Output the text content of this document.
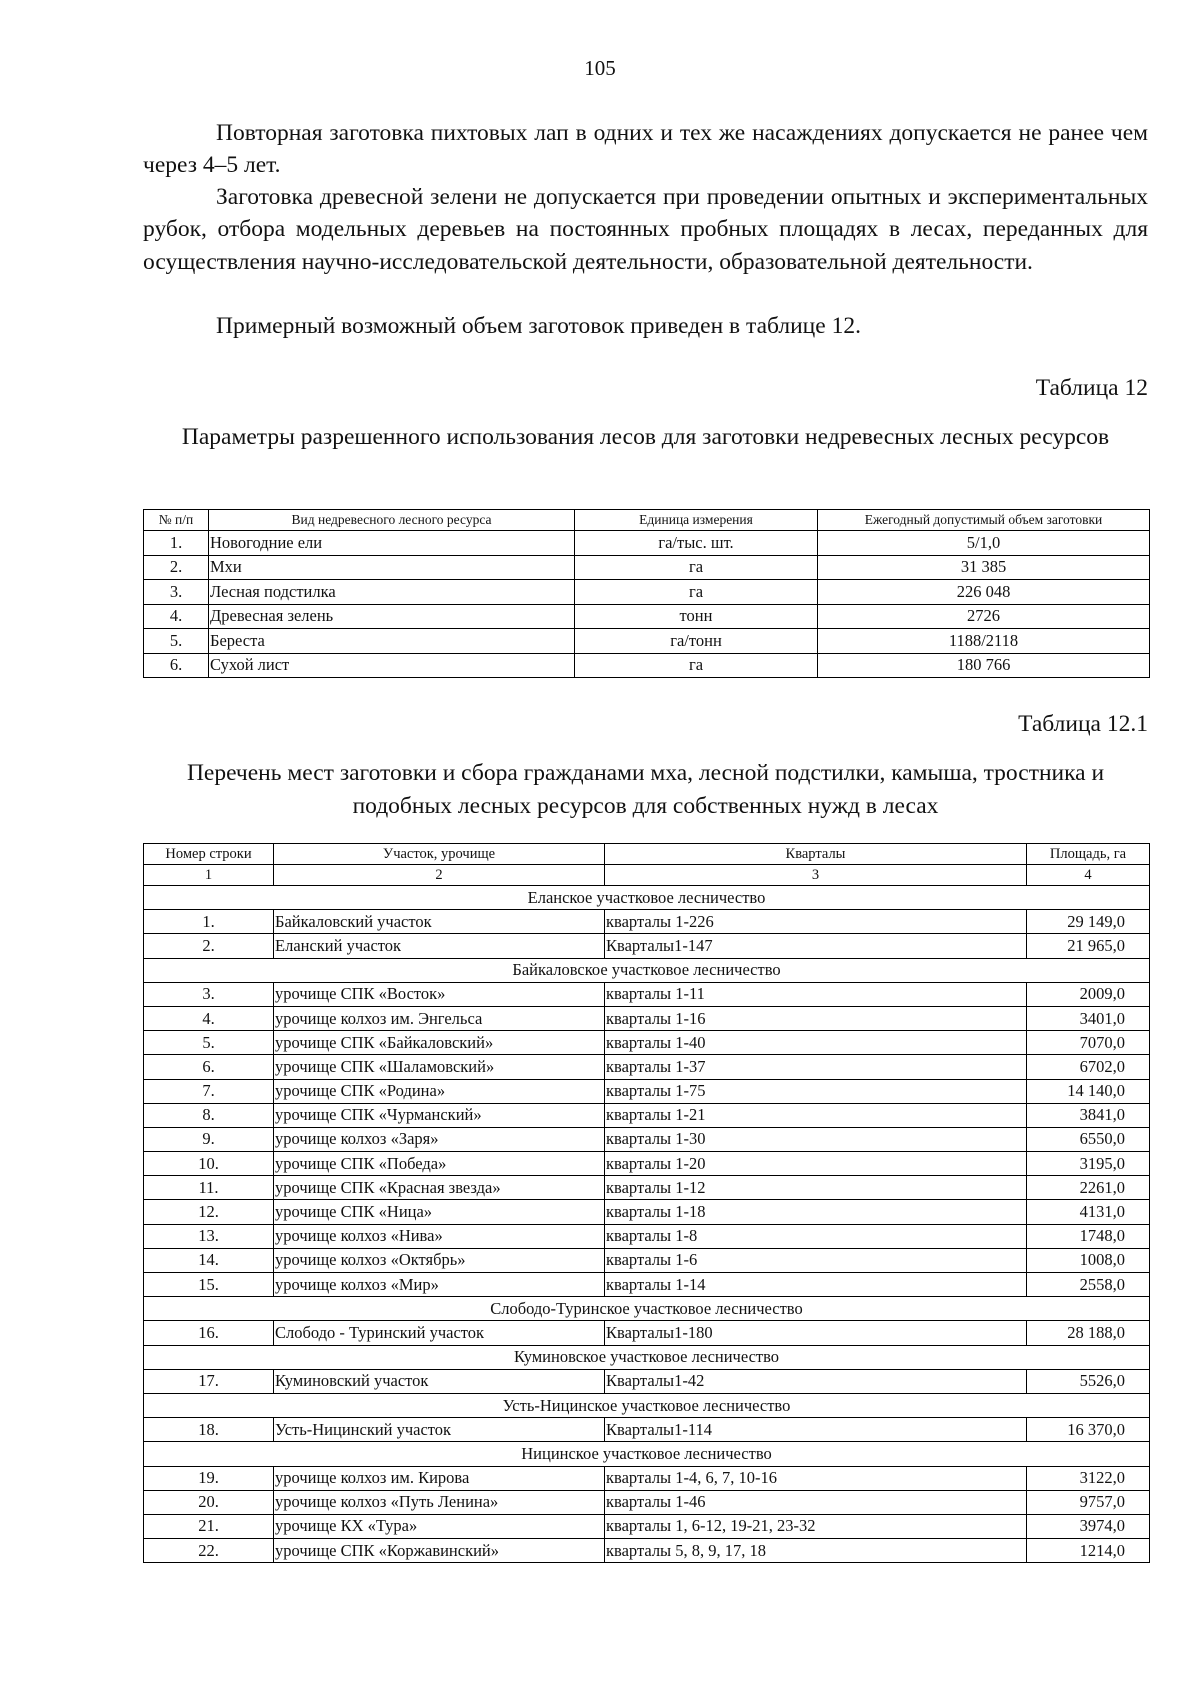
105

Повторная заготовка пихтовых лап в одних и тех же насаждениях допускается не ранее чем через 4–5 лет.

Заготовка древесной зелени не допускается при проведении опытных и экспериментальных рубок, отбора модельных деревьев на постоянных пробных площадях в лесах, переданных для осуществления научно-исследовательской деятельности, образовательной деятельности.

Примерный возможный объем заготовок приведен в таблице 12.

Таблица 12
Параметры разрешенного использования лесов для заготовки недревесных лесных ресурсов
№ п/п	Вид недревесного лесного ресурса	Единица измерения	Ежегодный допустимый объем заготовки
1.	Новогодние ели	га/тыс. шт.	5/1,0
2.	Мхи	га	31 385
3.	Лесная подстилка	га	226 048
4.	Древесная зелень	тонн	2726
5.	Береста	га/тонн	1188/2118
6.	Сухой лист	га	180 766
Таблица 12.1
Перечень мест заготовки и сбора гражданами мха, лесной подстилки, камыша, тростника и подобных лесных ресурсов для собственных нужд в лесах
Номер строки	Участок, урочище	Кварталы	Площадь, га
1	2	3	4
Еланское участковое лесничество			
1.	Байкаловский участок	кварталы 1-226	29 149,0
2.	Еланский участок	Кварталы1-147	21 965,0
Байкаловское участковое лесничество			
3.	урочище СПК «Восток»	кварталы 1-11	2009,0
4.	урочище колхоз им. Энгельса	кварталы 1-16	3401,0
5.	урочище СПК «Байкаловский»	кварталы 1-40	7070,0
6.	урочище СПК «Шаламовский»	кварталы 1-37	6702,0
7.	урочище СПК «Родина»	кварталы 1-75	14 140,0
8.	урочище СПК «Чурманский»	кварталы 1-21	3841,0
9.	урочище колхоз «Заря»	кварталы 1-30	6550,0
10.	урочище СПК «Победа»	кварталы 1-20	3195,0
11.	урочище СПК «Красная звезда»	кварталы 1-12	2261,0
12.	урочище СПК «Ница»	кварталы 1-18	4131,0
13.	урочище колхоз «Нива»	кварталы 1-8	1748,0
14.	урочище колхоз «Октябрь»	кварталы 1-6	1008,0
15.	урочище колхоз «Мир»	кварталы 1-14	2558,0
Слободо-Туринское участковое лесничество			
16.	Слободо - Туринский участок	Кварталы1-180	28 188,0
Куминовское участковое лесничество			
17.	Куминовский участок	Кварталы1-42	5526,0
Усть-Ницинское участковое лесничество			
18.	Усть-Ницинский участок	Кварталы1-114	16 370,0
Ницинское участковое лесничество			
19.	урочище колхоз им. Кирова	кварталы 1-4, 6, 7, 10-16	3122,0
20.	урочище колхоз «Путь Ленина»	кварталы 1-46	9757,0
21.	урочище КХ «Тура»	кварталы 1, 6-12, 19-21, 23-32	3974,0
22.	урочище СПК «Коржавинский»	кварталы 5, 8, 9, 17, 18	1214,0
